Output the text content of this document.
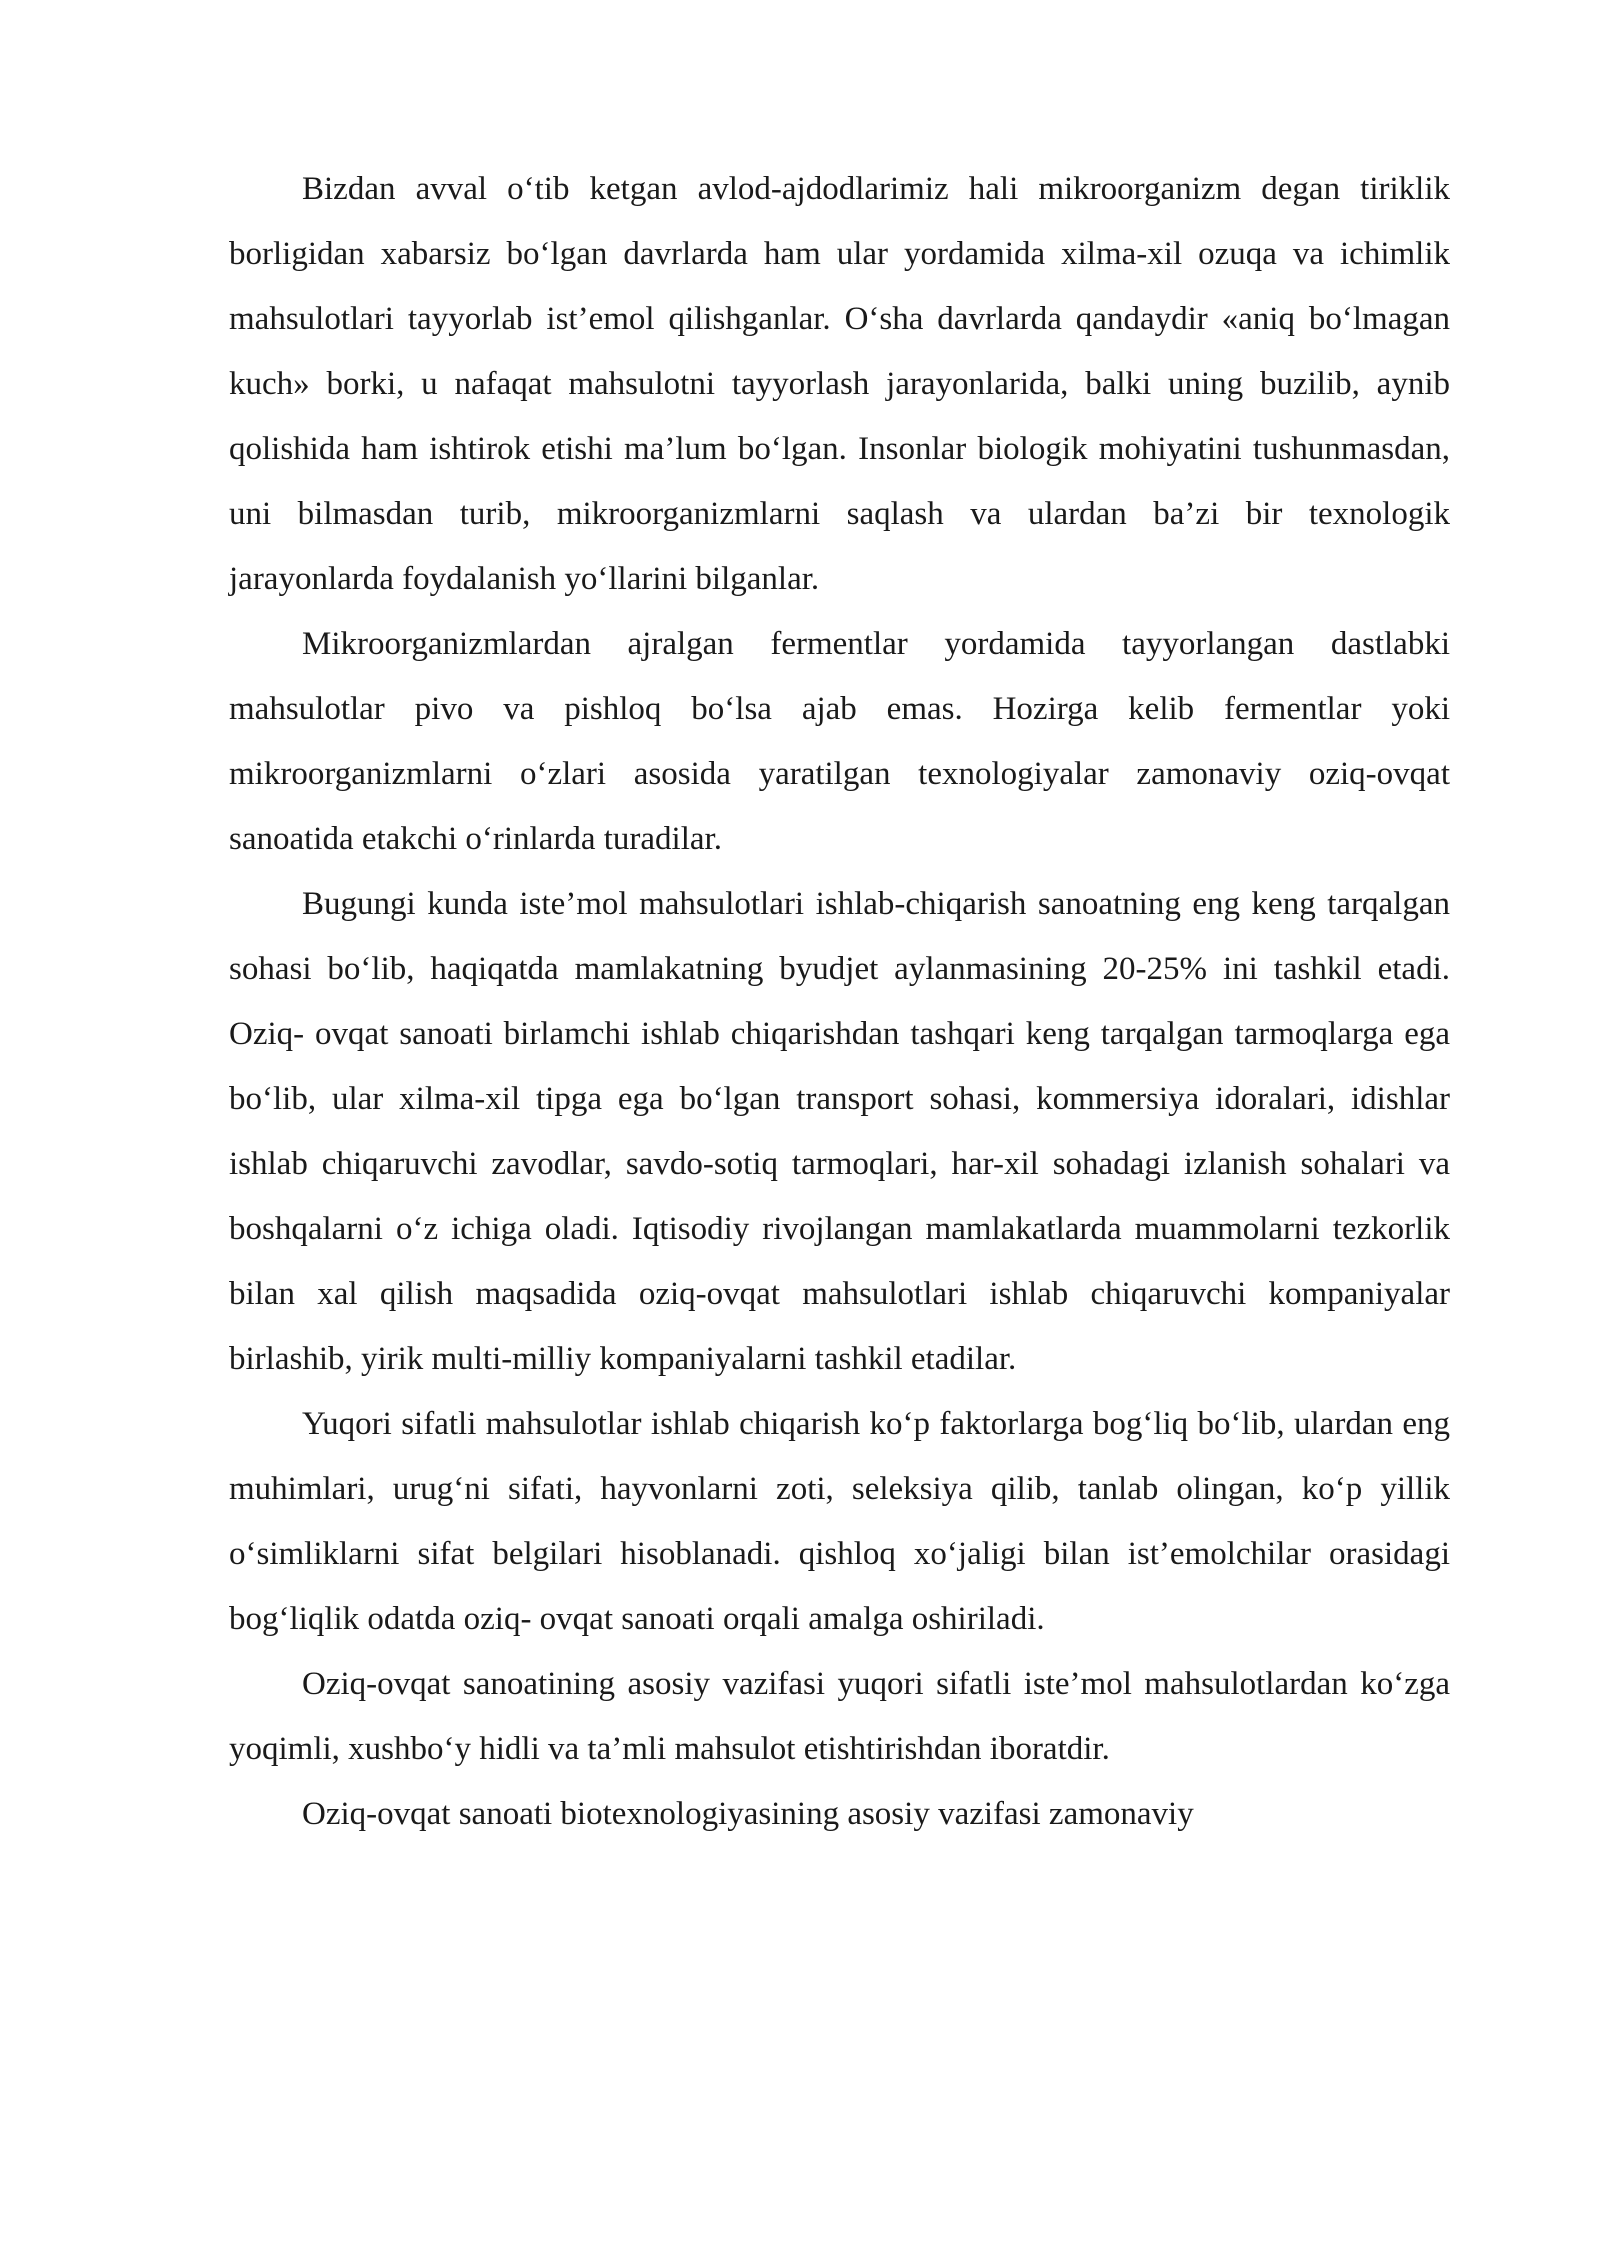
Bizdan avval oʻtib ketgan avlod-ajdodlarimiz hali mikroorganizm degan tiriklik borligidan xabarsiz boʻlgan davrlarda ham ular yordamida xilma-xil ozuqa va ichimlik mahsulotlari tayyorlab ist’emol qilishganlar. Oʻsha davrlarda qandaydir «aniq boʻlmagan kuch» borki, u nafaqat mahsulotni tayyorlash jarayonlarida, balki uning buzilib, aynib qolishida ham ishtirok etishi ma’lum boʻlgan. Insonlar biologik mohiyatini tushunmasdan, uni bilmasdan turib, mikroorganizmlarni saqlash va ulardan ba’zi bir texnologik jarayonlarda foydalanish yoʻllarini bilganlar.

Mikroorganizmlardan ajralgan fermentlar yordamida tayyorlangan dastlabki mahsulotlar pivo va pishloq boʻlsa ajab emas. Hozirga kelib fermentlar yoki mikroorganizmlarni oʻzlari asosida yaratilgan texnologiyalar zamonaviy oziq-ovqat sanoatida etakchi oʻrinlarda turadilar.

Bugungi kunda iste’mol mahsulotlari ishlab-chiqarish sanoatning eng keng tarqalgan sohasi boʻlib, haqiqatda mamlakatning byudjet aylanmasining 20-25% ini tashkil etadi. Oziq- ovqat sanoati birlamchi ishlab chiqarishdan tashqari keng tarqalgan tarmoqlarga ega boʻlib, ular xilma-xil tipga ega boʻlgan transport sohasi, kommersiya idoralari, idishlar ishlab chiqaruvchi zavodlar, savdo-sotiq tarmoqlari, har-xil sohadagi izlanish sohalari va boshqalarni oʻz ichiga oladi. Iqtisodiy rivojlangan mamlakatlarda muammolarni tezkorlik bilan xal qilish maqsadida oziq-ovqat mahsulotlari ishlab chiqaruvchi kompaniyalar birlashib, yirik multi-milliy kompaniyalarni tashkil etadilar.

Yuqori sifatli mahsulotlar ishlab chiqarish koʻp faktorlarga bogʻliq boʻlib, ulardan eng muhimlari, urugʻni sifati, hayvonlarni zoti, seleksiya qilib, tanlab olingan, koʻp yillik oʻsimliklarni sifat belgilari hisoblanadi. qishloq xoʻjaligi bilan ist’emolchilar orasidagi bogʻliqlik odatda oziq- ovqat sanoati orqali amalga oshiriladi.

Oziq-ovqat sanoatining asosiy vazifasi yuqori sifatli iste’mol mahsulotlardan koʻzga yoqimli, xushboʻy hidli va ta’mli mahsulot etishtirishdan iboratdir.

Oziq-ovqat sanoati biotexnologiyasining asosiy vazifasi zamonaviy
